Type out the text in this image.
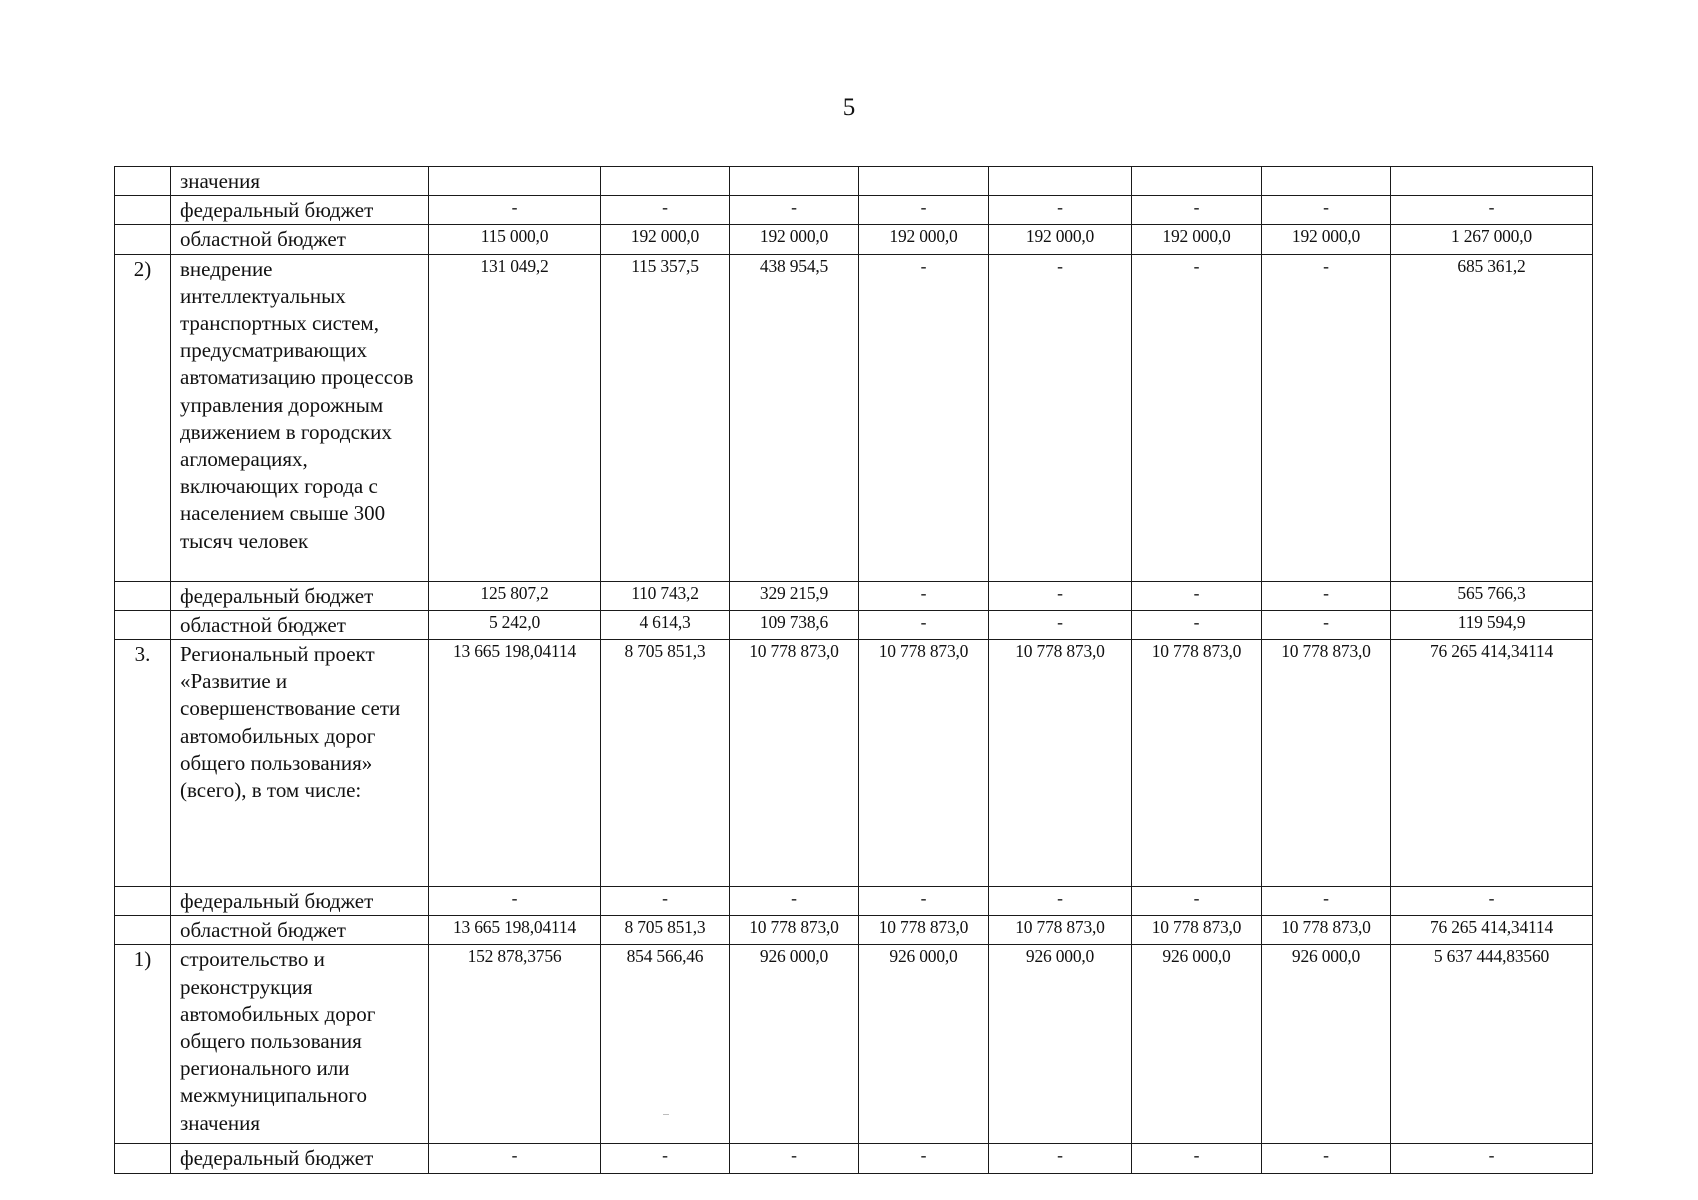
5
	значения								
	федеральный бюджет	-	-	-	-	-	-	-	-
	областной бюджет	115 000,0	192 000,0	192 000,0	192 000,0	192 000,0	192 000,0	192 000,0	1 267 000,0
2)	внедрение интеллектуальных транспортных систем, предусматривающих автоматизацию процессов управления дорожным движением в городских агломерациях, включающих города с населением свыше 300 тысяч человек	131 049,2	115 357,5	438 954,5	-	-	-	-	685 361,2
	федеральный бюджет	125 807,2	110 743,2	329 215,9	-	-	-	-	565 766,3
	областной бюджет	5 242,0	4 614,3	109 738,6	-	-	-	-	119 594,9
3.	Региональный проект «Развитие и совершенствование сети автомобильных дорог общего пользования» (всего), в том числе:	13 665 198,04114	8 705 851,3	10 778 873,0	10 778 873,0	10 778 873,0	10 778 873,0	10 778 873,0	76 265 414,34114
	федеральный бюджет	-	-	-	-	-	-	-	-
	областной бюджет	13 665 198,04114	8 705 851,3	10 778 873,0	10 778 873,0	10 778 873,0	10 778 873,0	10 778 873,0	76 265 414,34114
1)	строительство и реконструкция автомобильных дорог общего пользования регионального или межмуниципального значения	152 878,3756	854 566,46	926 000,0	926 000,0	926 000,0	926 000,0	926 000,0	5 637 444,83560
	федеральный бюджет	-	-	-	-	-	-	-	-
